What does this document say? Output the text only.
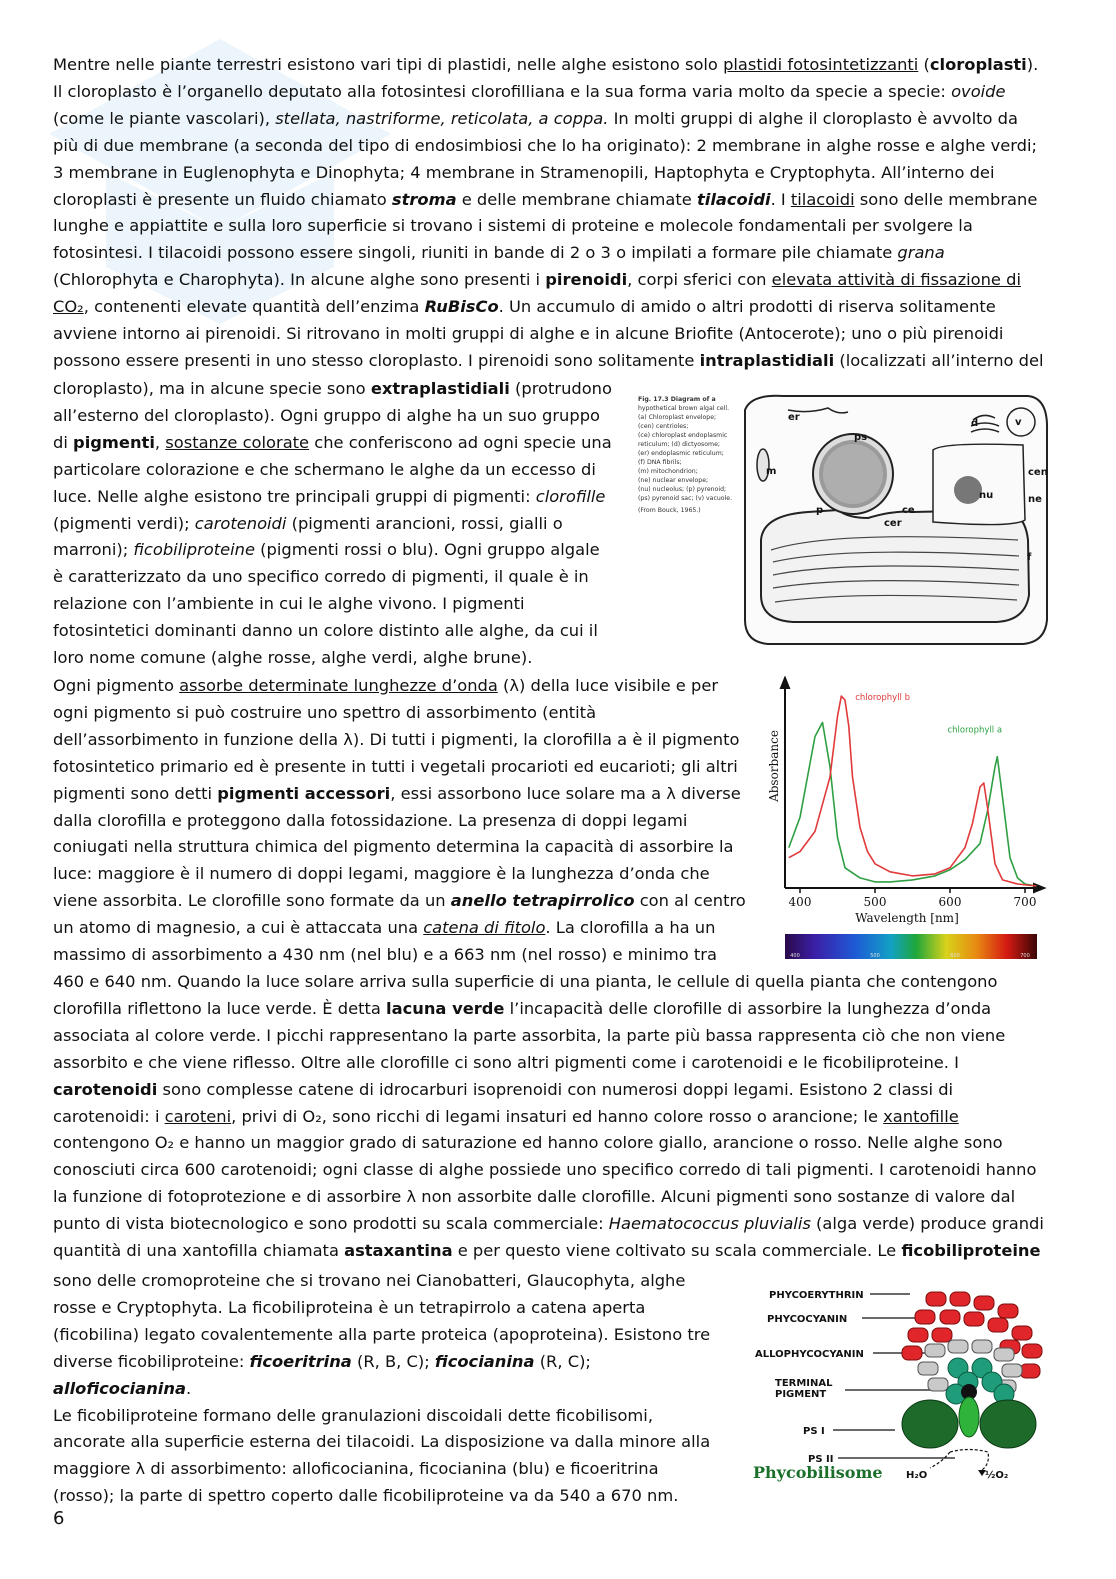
Mentre nelle piante terrestri esistono vari tipi di plastidi, nelle alghe esistono solo plastidi fotosintetizzanti (cloroplasti).
Il cloroplasto è l’organello deputato alla fotosintesi clorofilliana e la sua forma varia molto da specie a specie: ovoide
(come le piante vascolari), stellata, nastriforme, reticolata, a coppa. In molti gruppi di alghe il cloroplasto è avvolto da
più di due membrane (a seconda del tipo di endosimbiosi che lo ha originato): 2 membrane in alghe rosse e alghe verdi;
3 membrane in Euglenophyta e Dinophyta; 4 membrane in Stramenopili, Haptophyta e Cryptophyta. All’interno dei
cloroplasti è presente un fluido chiamato stroma e delle membrane chiamate tilacoidi. I tilacoidi sono delle membrane
lunghe e appiattite e sulla loro superficie si trovano i sistemi di proteine e molecole fondamentali per svolgere la
fotosintesi. I tilacoidi possono essere singoli, riuniti in bande di 2 o 3 o impilati a formare pile chiamate grana
(Chlorophyta e Charophyta). In alcune alghe sono presenti i pirenoidi, corpi sferici con elevata attività di fissazione di
CO₂, contenenti elevate quantità dell’enzima RuBisCo. Un accumulo di amido o altri prodotti di riserva solitamente
avviene intorno ai pirenoidi. Si ritrovano in molti gruppi di alghe e in alcune Briofite (Antocerote); uno o più pirenoidi
possono essere presenti in uno stesso cloroplasto. I pirenoidi sono solitamente intraplastidiali (localizzati all’interno del
cloroplasto), ma in alcune specie sono extraplastidiali (protrudono
all’esterno del cloroplasto). Ogni gruppo di alghe ha un suo gruppo
di pigmenti, sostanze colorate che conferiscono ad ogni specie una
particolare colorazione e che schermano le alghe da un eccesso di
luce. Nelle alghe esistono tre principali gruppi di pigmenti: clorofille
(pigmenti verdi); carotenoidi (pigmenti arancioni, rossi, gialli o
marroni); ficobiliproteine (pigmenti rossi o blu). Ogni gruppo algale
è caratterizzato da uno specifico corredo di pigmenti, il quale è in
relazione con l’ambiente in cui le alghe vivono. I pigmenti
fotosintetici dominanti danno un colore distinto alle alghe, da cui il
loro nome comune (alghe rosse, alghe verdi, alghe brune).
Fig. 17.3 Diagram of a
hypothetical brown algal cell.
(a) Chloroplast envelope;
(cen) centrioles;
(ce) chloroplast endoplasmic
reticulum; (d) dictyosome;
(er) endoplasmic reticulum;
(f) DNA fibrils;
(m) mitochondrion;
(ne) nuclear envelope;
(nu) nucleolus; (p) pyrenoid;
(ps) pyrenoid sac; (v) vacuole.
(From Bouck, 1965.)
er
ps
d	v
m	cen
nu	ne
p	ce
cer
f
Ogni pigmento assorbe determinate lunghezze d’onda (λ) della luce visibile e per
ogni pigmento si può costruire uno spettro di assorbimento (entità
dell’assorbimento in funzione della λ). Di tutti i pigmenti, la clorofilla a è il pigmento
fotosintetico primario ed è presente in tutti i vegetali procarioti ed eucarioti; gli altri
pigmenti sono detti pigmenti accessori, essi assorbono luce solare ma a λ diverse
dalla clorofilla e proteggono dalla fotossidazione. La presenza di doppi legami
coniugati nella struttura chimica del pigmento determina la capacità di assorbire la
luce: maggiore è il numero di doppi legami, maggiore è la lunghezza d’onda che
viene assorbita. Le clorofille sono formate da un anello tetrapirrolico con al centro
un atomo di magnesio, a cui è attaccata una catena di fitolo. La clorofilla a ha un
massimo di assorbimento a 430 nm (nel blu) e a 663 nm (nel rosso) e minimo tra
460 e 640 nm. Quando la luce solare arriva sulla superficie di una pianta, le cellule di quella pianta che contengono
clorofilla riflettono la luce verde. È detta lacuna verde l’incapacità delle clorofille di assorbire la lunghezza d’onda
associata al colore verde. I picchi rappresentano la parte assorbita, la parte più bassa rappresenta ciò che non viene
assorbito e che viene riflesso. Oltre alle clorofille ci sono altri pigmenti come i carotenoidi e le ficobiliproteine. I
carotenoidi sono complesse catene di idrocarburi isoprenoidi con numerosi doppi legami. Esistono 2 classi di
carotenoidi: i caroteni, privi di O₂, sono ricchi di legami insaturi ed hanno colore rosso o arancione; le xantofille
contengono O₂ e hanno un maggior grado di saturazione ed hanno colore giallo, arancione o rosso. Nelle alghe sono
conosciuti circa 600 carotenoidi; ogni classe di alghe possiede uno specifico corredo di tali pigmenti. I carotenoidi hanno
la funzione di fotoprotezione e di assorbire λ non assorbite dalle clorofille. Alcuni pigmenti sono sostanze di valore dal
punto di vista biotecnologico e sono prodotti su scala commerciale: Haematococcus pluvialis (alga verde) produce grandi
quantità di una xantofilla chiamata astaxantina e per questo viene coltivato su scala commerciale. Le ficobiliproteine
Absorbance
Wavelength [nm]
400	500	600	700
chlorophyll a
chlorophyll b
400	500	600	700
sono delle cromoproteine che si trovano nei Cianobatteri, Glaucophyta, alghe
rosse e Cryptophyta. La ficobiliproteina è un tetrapirrolo a catena aperta
(ficobilina) legato covalentemente alla parte proteica (apoproteina). Esistono tre
diverse ficobiliproteine: ficoeritrina (R, B, C); ficocianina (R, C); alloficocianina.
Le ficobiliproteine formano delle granulazioni discoidali dette ficobilisomi,
ancorate alla superficie esterna dei tilacoidi. La disposizione va dalla minore alla
maggiore λ di assorbimento: alloficocianina, ficocianina (blu) e ficoeritrina
(rosso); la parte di spettro coperto dalle ficobiliproteine va da 540 a 670 nm.
PHYCOERYTHRIN
PHYCOCYANIN
ALLOPHYCOCYANIN
TERMINAL
PIGMENT
PS I
PS II
H₂O	½O₂
Phycobilisome
6
